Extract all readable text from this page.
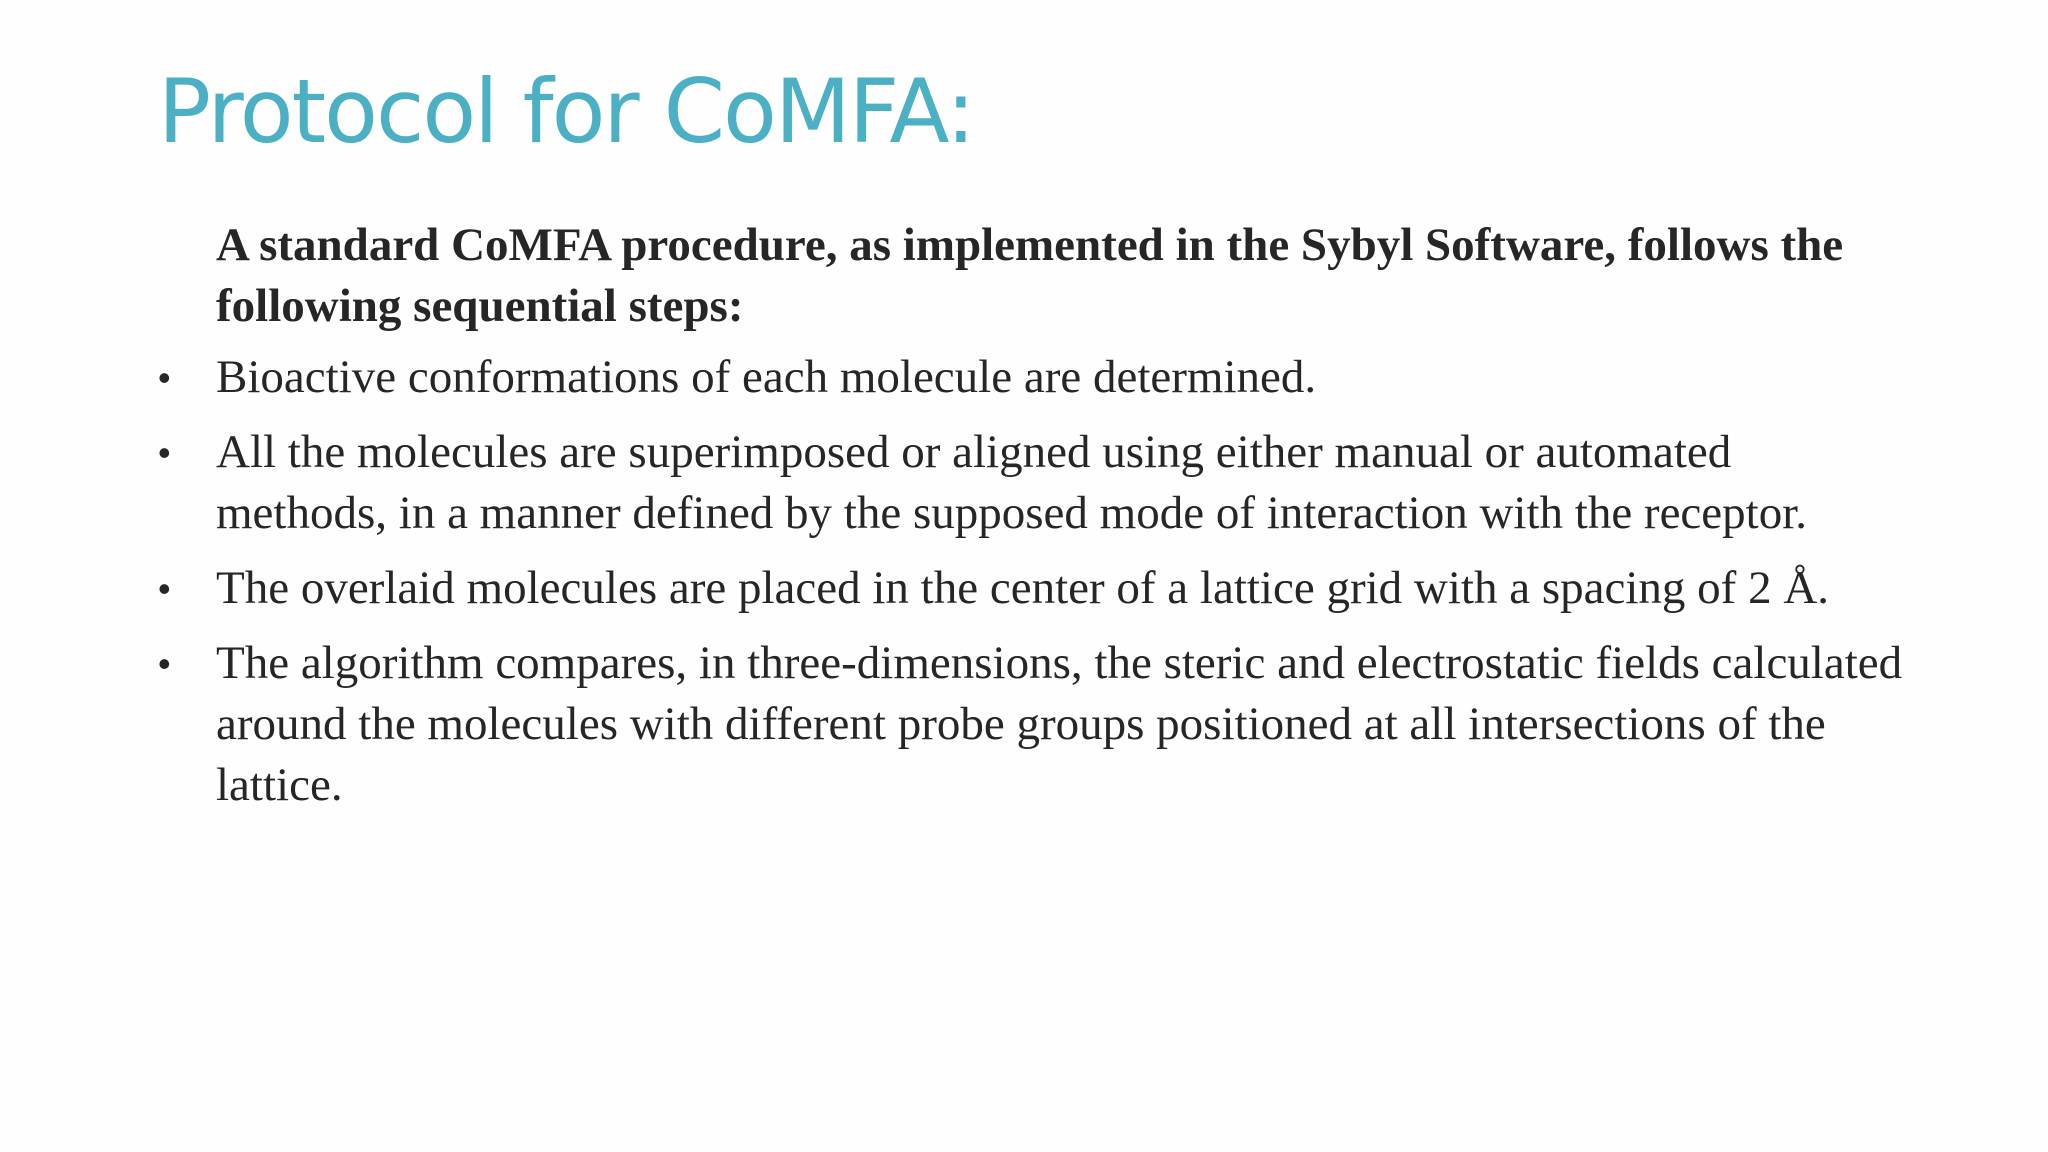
Protocol for CoMFA:

A standard CoMFA procedure, as implemented in the Sybyl Software, follows the following sequential steps:

• Bioactive conformations of each molecule are determined.
• All the molecules are superimposed or aligned using either manual or automated methods, in a manner defined by the supposed mode of interaction with the receptor.
• The overlaid molecules are placed in the center of a lattice grid with a spacing of 2 Å.
• The algorithm compares, in three-dimensions, the steric and electrostatic fields calculated around the molecules with different probe groups positioned at all intersections of the lattice.
